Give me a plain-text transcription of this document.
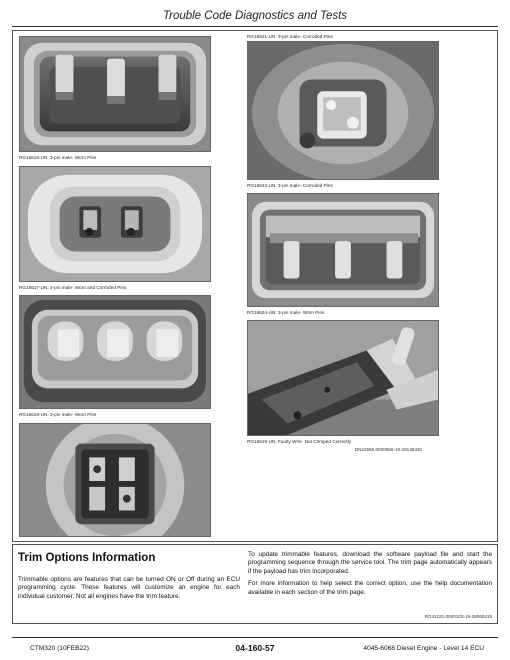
Trouble Code Diagnostics and Tests
RG16616-UN: 3-pin male- Worn Pins
RG16617-UN: 2-pin male- Worn and Corroded Pins
RG16618-UN: 3-pin male- Worn Pins
RG16621-UN: 3-pin male- Corroded Pins
RG16623-UN: 3-pin male- Corroded Pins
RG16624-UN: 3-pin male- Worn Pins
RG16619-UN: Faulty Wire- Not Crimped Correctly
DN22566,0000656-19-28138420
Trim Options Information
Trimmable options are features that can be turned ON or Off during an ECU programming cycle. These features will customize an engine for each individual customer. Not all engines have the trim feature.

To update trimmable features, download the software payload file and start the programming sequence through the service tool. The trim page automatically appears if the payload has trim incorporated.

For more information to help select the correct option, use the help documentation available in each section of the trim page.

RG41221,0000103-19-28060418
CTM320 (10FEB22)	04-160-57	4045-6068 Diesel Engine - Level 14 ECU
